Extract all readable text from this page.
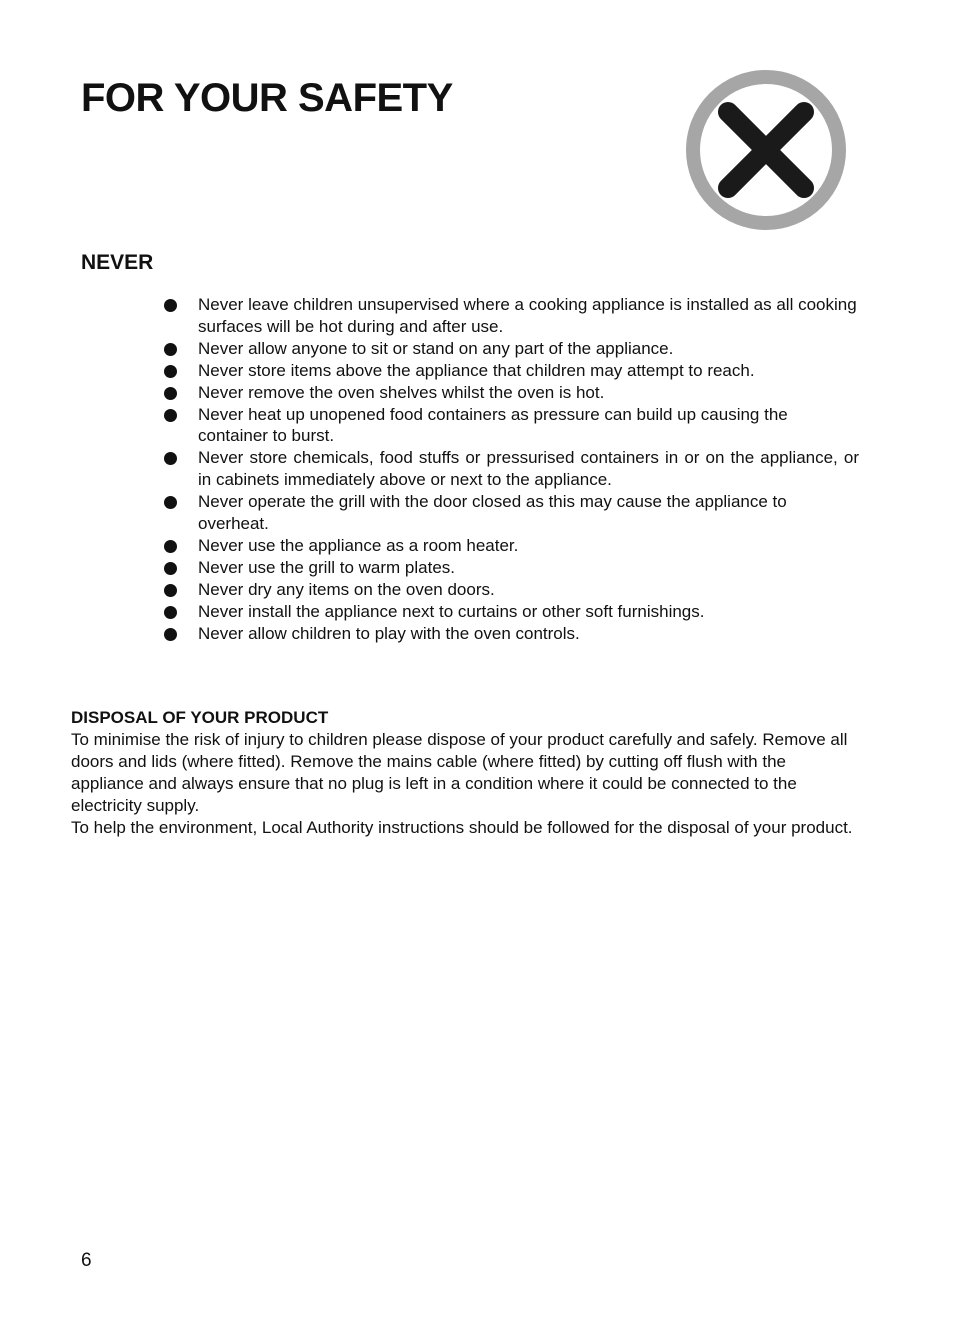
FOR YOUR SAFETY
NEVER
Never leave children unsupervised where a cooking appliance is installed as all cooking surfaces will be hot during and after use.
Never allow anyone to sit or stand on any part of the appliance.
Never store items above the appliance that children may attempt to reach.
Never remove the oven shelves whilst the oven is hot.
Never heat up unopened food containers as pressure can build up causing the container to burst.
Never store chemicals, food stuffs or pressurised containers in or on the appliance, or in cabinets immediately above or next to the appliance.
Never operate the grill with the door closed as this may cause the appliance to overheat.
Never use the appliance as a room heater.
Never use the grill to warm plates.
Never dry any items on the oven doors.
Never install the appliance next to curtains or other soft furnishings.
Never allow children to play with the oven controls.
DISPOSAL OF YOUR PRODUCT

To minimise the risk of injury to children please dispose of your product carefully and safely. Remove all doors and lids (where fitted). Remove the mains cable (where fitted) by cutting off flush with the appliance and always ensure that no plug is left in a condition where it could be connected to the electricity supply.

To help the environment, Local Authority instructions should be followed for the disposal of your product.

6
